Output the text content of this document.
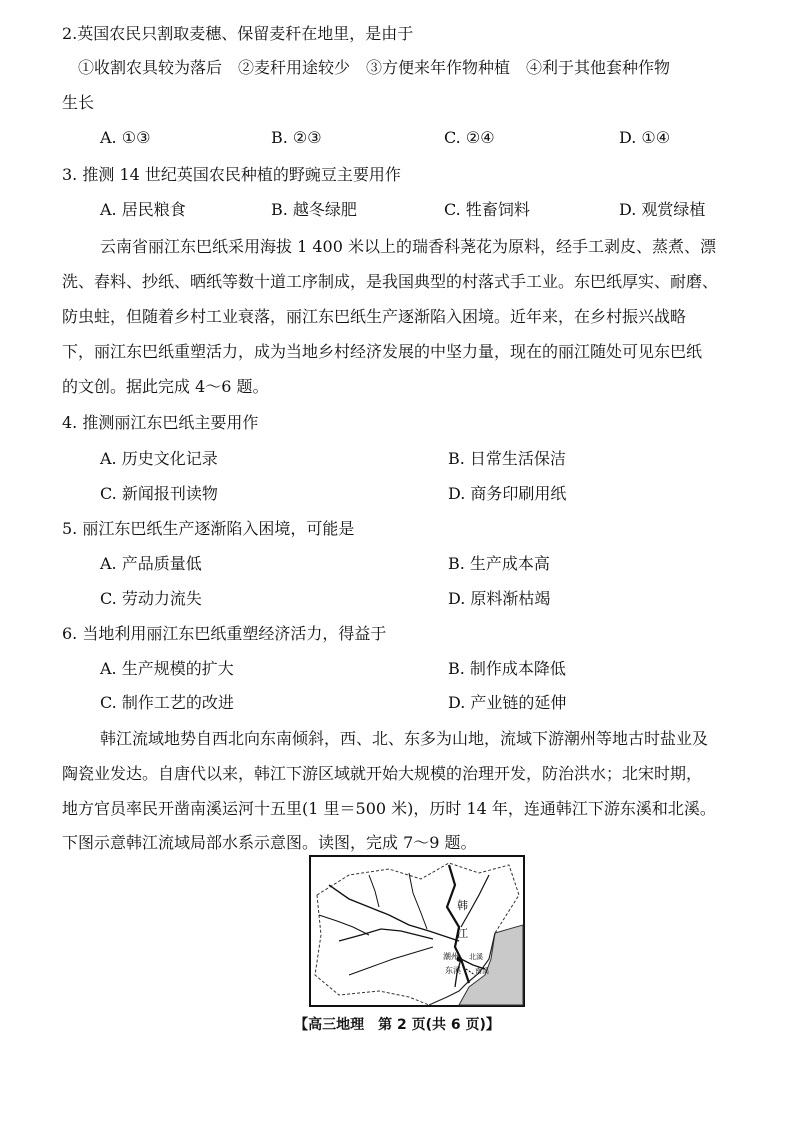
2.英国农民只割取麦穗、保留麦秆在地里，是由于
①收割农具较为落后　②麦秆用途较少　③方便来年作物种植　④利于其他套种作物
生长
A. ①③	B. ②③	C. ②④	D. ①④
3. 推测 14 世纪英国农民种植的野豌豆主要用作
A. 居民粮食	B. 越冬绿肥	C. 牲畜饲料	D. 观赏绿植
云南省丽江东巴纸采用海拔 1 400 米以上的瑞香科荛花为原料，经手工剥皮、蒸煮、漂
洗、舂料、抄纸、晒纸等数十道工序制成，是我国典型的村落式手工业。东巴纸厚实、耐磨、
防虫蛀，但随着乡村工业衰落，丽江东巴纸生产逐渐陷入困境。近年来，在乡村振兴战略
下，丽江东巴纸重塑活力，成为当地乡村经济发展的中坚力量，现在的丽江随处可见东巴纸
的文创。据此完成 4～6 题。
4. 推测丽江东巴纸主要用作
A. 历史文化记录	B. 日常生活保洁
C. 新闻报刊读物	D. 商务印刷用纸
5. 丽江东巴纸生产逐渐陷入困境，可能是
A. 产品质量低	B. 生产成本高
C. 劳动力流失	D. 原料渐枯竭
6. 当地利用丽江东巴纸重塑经济活力，得益于
A. 生产规模的扩大	B. 制作成本降低
C. 制作工艺的改进	D. 产业链的延伸
韩江流域地势自西北向东南倾斜，西、北、东多为山地，流域下游潮州等地古时盐业及
陶瓷业发达。自唐代以来，韩江下游区域就开始大规模的治理开发，防治洪水；北宋时期，
地方官员率民开凿南溪运河十五里(1 里＝500 米)，历时 14 年，连通韩江下游东溪和北溪。
下图示意韩江流域局部水系示意图。读图，完成 7～9 题。
韩
江
潮州 北溪
南溪
东溪
【高三地理　第 2 页(共 6 页)】
